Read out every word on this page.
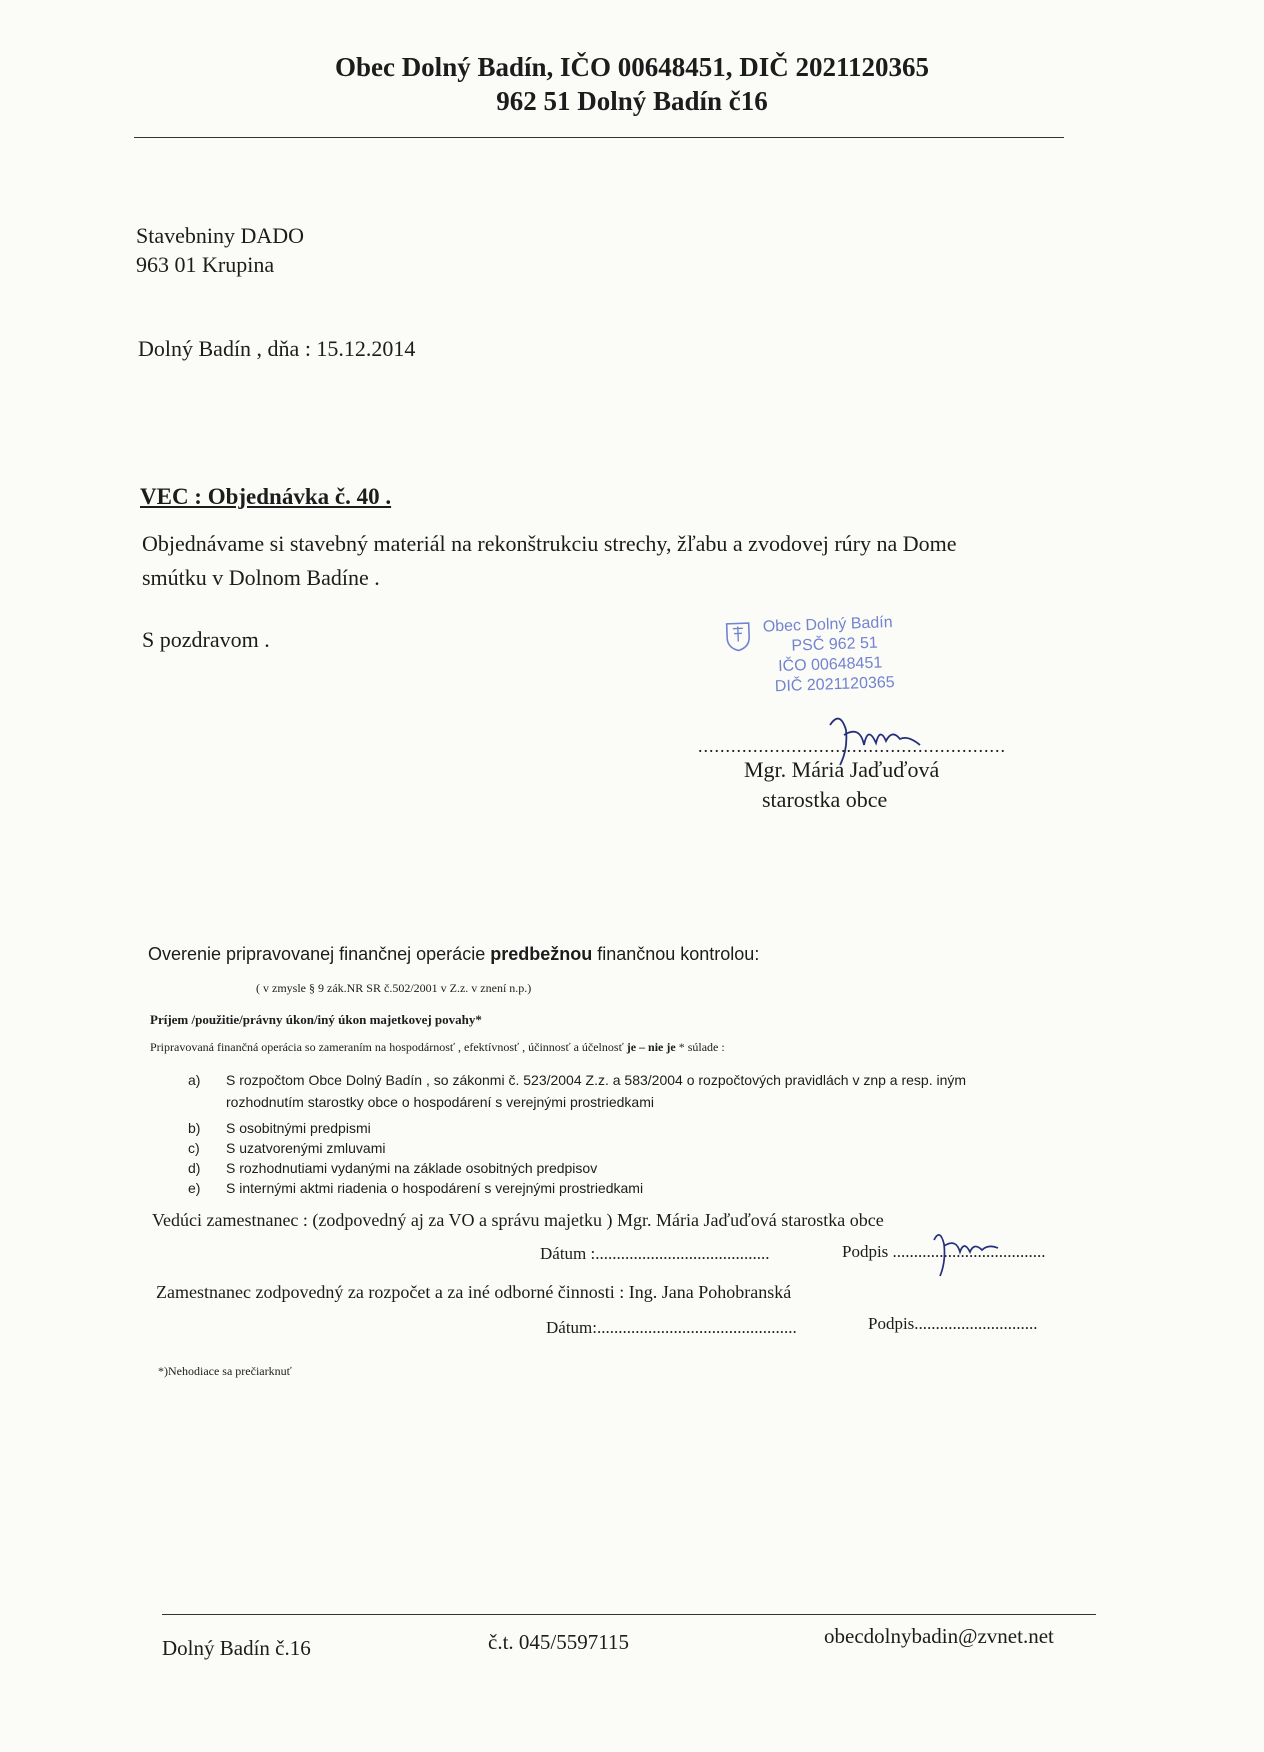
Obec Dolný Badín, IČO 00648451, DIČ 2021120365
962 51 Dolný Badín č16
Stavebniny DADO
963 01 Krupina
Dolný Badín , dňa : 15.12.2014
VEC : Objednávka č. 40 .
Objednávame si stavebný materiál na rekonštrukciu strechy, žľabu a zvodovej rúry na Dome
smútku v Dolnom Badíne .
S pozdravom .
Obec Dolný Badín
PSČ 962 51
IČO 00648451
DIČ 2021120365
........................................................
Mgr. Mária Jaďuďová
starostka obce
Overenie pripravovanej finančnej operácie predbežnou finančnou kontrolou:
( v zmysle § 9 zák.NR SR č.502/2001 v Z.z. v znení n.p.)
Príjem /použitie/právny úkon/iný úkon majetkovej povahy*
Pripravovaná finančná operácia so zameraním na hospodárnosť , efektívnosť , účinnosť a účelnosť je – nie je * súlade :
a) S rozpočtom Obce Dolný Badín , so zákonmi č. 523/2004 Z.z. a 583/2004 o rozpočtových pravidlách v znp a resp. iným
rozhodnutím starostky obce o hospodárení s verejnými prostriedkami
b) S osobitnými predpismi
c) S uzatvorenými zmluvami
d) S rozhodnutiami vydanými na základe osobitných predpisov
e) S internými aktmi riadenia o hospodárení s verejnými prostriedkami
Vedúci zamestnanec : (zodpovedný aj za VO a správu majetku ) Mgr. Mária Jaďuďová starostka obce
Dátum :.........................................	Podpis ....................................
Zamestnanec zodpovedný za rozpočet a za iné odborné činnosti : Ing. Jana Pohobranská
Dátum:...............................................	Podpis.............................
*)Nehodiace sa prečiarknuť
Dolný Badín č.16	č.t. 045/5597115	obecdolnybadin@zvnet.net
